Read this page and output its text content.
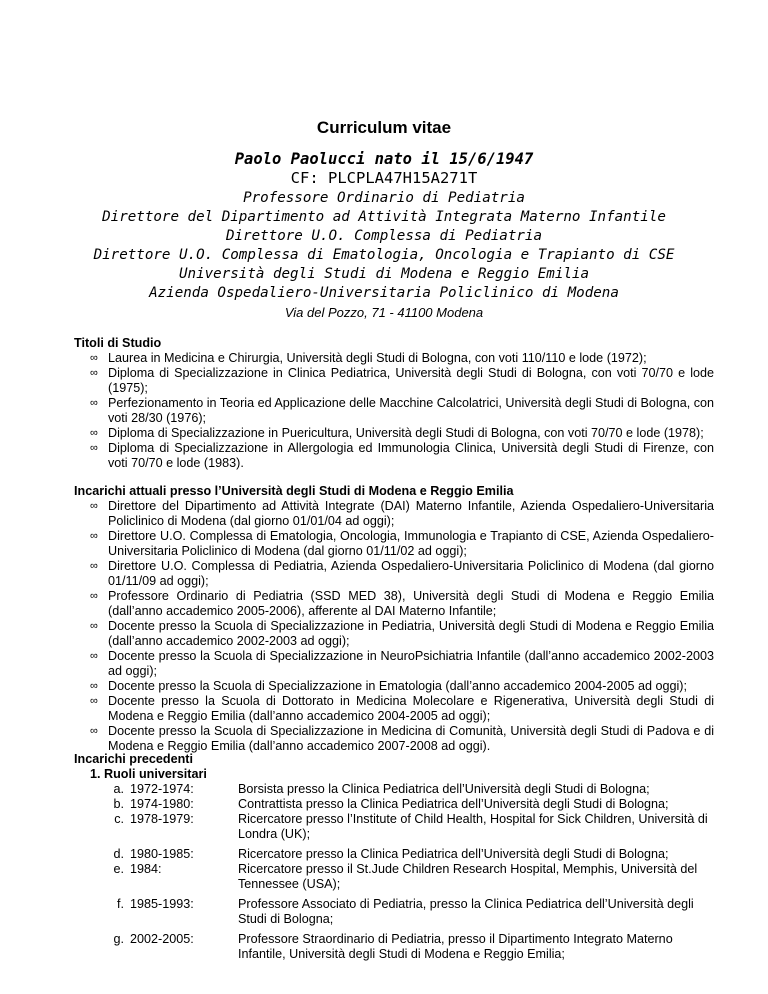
Curriculum vitae
Paolo Paolucci nato il 15/6/1947
CF: PLCPLA47H15A271T
Professore Ordinario di Pediatria
Direttore del Dipartimento ad Attività Integrata Materno Infantile
Direttore U.O. Complessa di Pediatria
Direttore U.O. Complessa di Ematologia, Oncologia e Trapianto di CSE
Università degli Studi di Modena e Reggio Emilia
Azienda Ospedaliero-Universitaria Policlinico di Modena
Via del Pozzo, 71 - 41100 Modena
Titoli di Studio
∞ Laurea in Medicina e Chirurgia, Università degli Studi di Bologna, con voti 110/110 e lode (1972);
∞ Diploma di Specializzazione in Clinica Pediatrica, Università degli Studi di Bologna, con voti 70/70 e lode (1975);
∞ Perfezionamento in Teoria ed Applicazione delle Macchine Calcolatrici, Università degli Studi di Bologna, con voti 28/30 (1976);
∞ Diploma di Specializzazione in Puericultura, Università degli Studi di Bologna, con voti 70/70 e lode (1978);
∞ Diploma di Specializzazione in Allergologia ed Immunologia Clinica, Università degli Studi di Firenze, con voti 70/70 e lode (1983).
Incarichi attuali presso l’Università degli Studi di Modena e Reggio Emilia
∞ Direttore del Dipartimento ad Attività Integrate (DAI) Materno Infantile, Azienda Ospedaliero-Universitaria Policlinico di Modena (dal giorno 01/01/04 ad oggi);
∞ Direttore U.O. Complessa di Ematologia, Oncologia, Immunologia e Trapianto di CSE, Azienda Ospedaliero-Universitaria Policlinico di Modena (dal giorno 01/11/02 ad oggi);
∞ Direttore U.O. Complessa di Pediatria, Azienda Ospedaliero-Universitaria Policlinico di Modena (dal giorno 01/11/09 ad oggi);
∞ Professore Ordinario di Pediatria (SSD MED 38), Università degli Studi di Modena e Reggio Emilia (dall’anno accademico 2005-2006), afferente al DAI Materno Infantile;
∞ Docente presso la Scuola di Specializzazione in Pediatria, Università degli Studi di Modena e Reggio Emilia (dall’anno accademico 2002-2003 ad oggi);
∞ Docente presso la Scuola di Specializzazione in NeuroPsichiatria Infantile (dall’anno accademico 2002-2003 ad oggi);
∞ Docente presso la Scuola di Specializzazione in Ematologia (dall’anno accademico 2004-2005 ad oggi);
∞ Docente presso la Scuola di Dottorato in Medicina Molecolare e Rigenerativa, Università degli Studi di Modena e Reggio Emilia (dall’anno accademico 2004-2005 ad oggi);
∞ Docente presso la Scuola di Specializzazione in Medicina di Comunità, Università degli Studi di Padova e di Modena e Reggio Emilia (dall’anno accademico 2007-2008 ad oggi).
Incarichi precedenti
1. Ruoli universitari
a. 1972-1974:	Borsista presso la Clinica Pediatrica dell’Università degli Studi di Bologna;
b. 1974-1980:	Contrattista presso la Clinica Pediatrica dell’Università degli Studi di Bologna;
c. 1978-1979:	Ricercatore presso l’Institute of Child Health, Hospital for Sick Children, Università di Londra (UK);
d. 1980-1985:	Ricercatore presso la Clinica Pediatrica dell’Università degli Studi di Bologna;
e. 1984:	Ricercatore presso il St.Jude Children Research Hospital, Memphis, Università del Tennessee (USA);
f. 1985-1993:	Professore Associato di Pediatria, presso la Clinica Pediatrica dell’Università degli Studi di Bologna;
g. 2002-2005:	Professore Straordinario di Pediatria, presso il Dipartimento Integrato Materno Infantile, Università degli Studi di Modena e Reggio Emilia;
